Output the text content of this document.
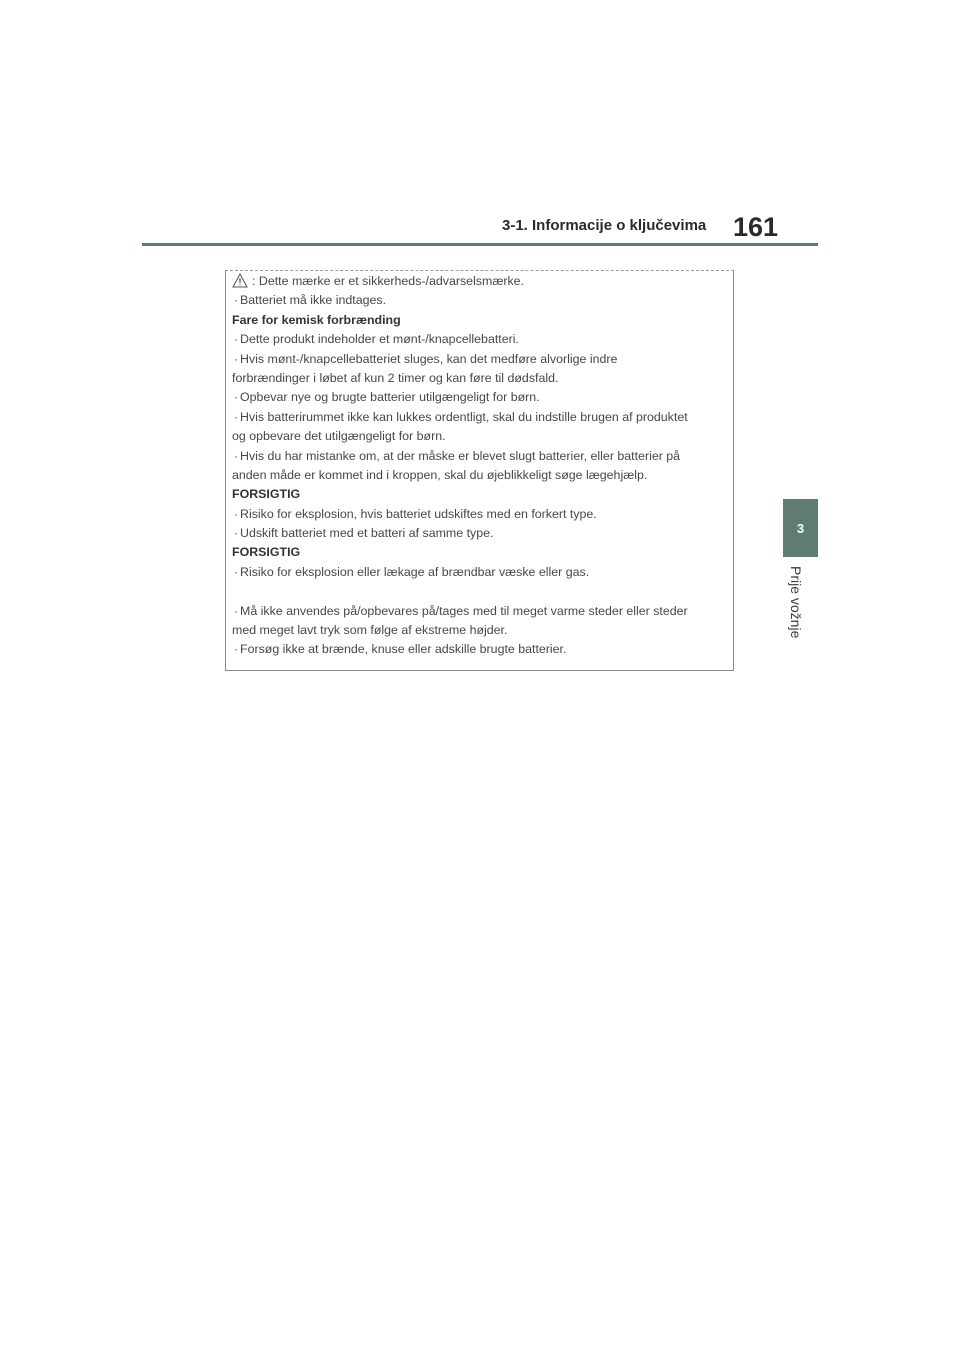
3-1. Informacije o ključevima 161
3
Prije vožnje
: Dette mærke er et sikkerheds-/advarselsmærke.
· Batteriet må ikke indtages.
Fare for kemisk forbrænding
· Dette produkt indeholder et mønt-/knapcellebatteri.
· Hvis mønt-/knapcellebatteriet sluges, kan det medføre alvorlige indre
forbrændinger i løbet af kun 2 timer og kan føre til dødsfald.
· Opbevar nye og brugte batterier utilgængeligt for børn.
· Hvis batterirummet ikke kan lukkes ordentligt, skal du indstille brugen af produktet
og opbevare det utilgængeligt for børn.
· Hvis du har mistanke om, at der måske er blevet slugt batterier, eller batterier på
anden måde er kommet ind i kroppen, skal du øjeblikkeligt søge lægehjælp.
FORSIGTIG
· Risiko for eksplosion, hvis batteriet udskiftes med en forkert type.
· Udskift batteriet med et batteri af samme type.
FORSIGTIG
· Risiko for eksplosion eller lækage af brændbar væske eller gas.
· Må ikke anvendes på/opbevares på/tages med til meget varme steder eller steder
med meget lavt tryk som følge af ekstreme højder.
· Forsøg ikke at brænde, knuse eller adskille brugte batterier.
